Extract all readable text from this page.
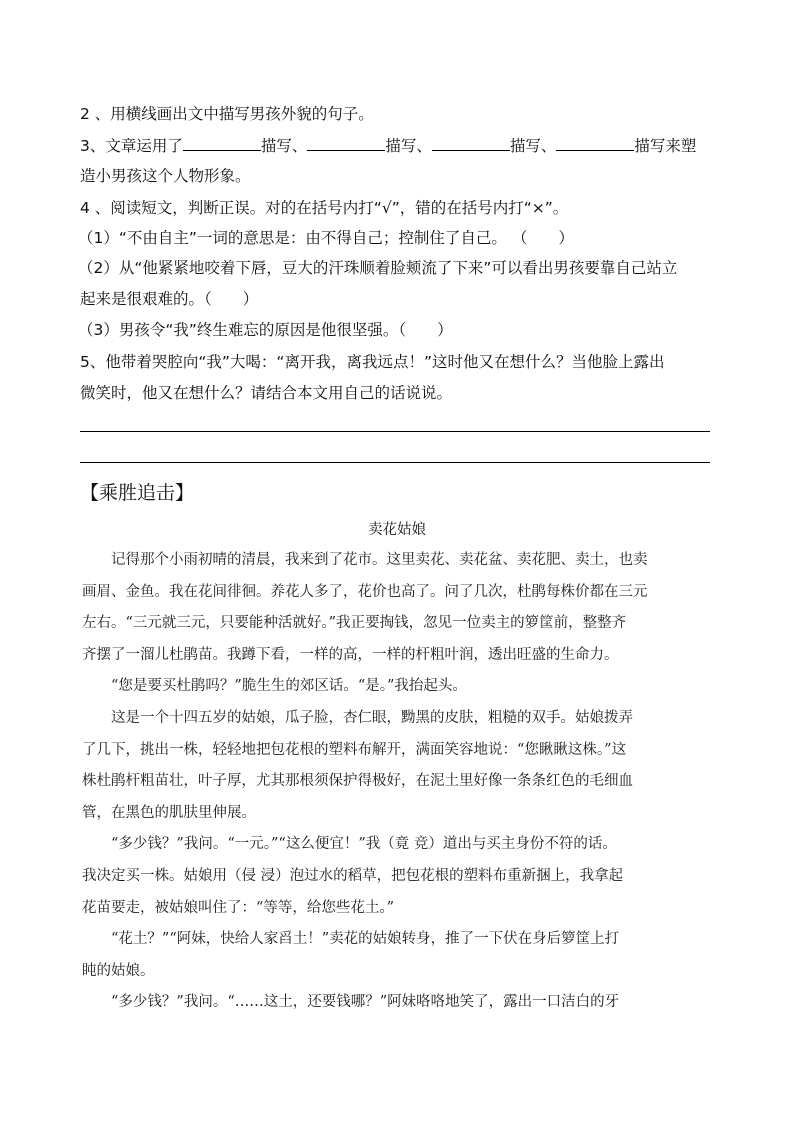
2 、用横线画出文中描写男孩外貌的句子。
3、文章运用了	描写、	描写、	描写、	描写来塑
造小男孩这个人物形象。
4 、阅读短文，判断正误。对的在括号内打“√”，错的在括号内打“×”。
（1）“不由自主”一词的意思是：由不得自己；控制住了自己。 （　　）
（2）从“他紧紧地咬着下唇，豆大的汗珠顺着脸颊流了下来”可以看出男孩要靠自己站立
起来是很艰难的。（　　）
（3）男孩令“我”终生难忘的原因是他很坚强。（　　）
5、他带着哭腔向“我”大喝：“离开我，离我远点！”这时他又在想什么？当他脸上露出
微笑时，他又在想什么？请结合本文用自己的话说说。
【乘胜追击】
卖花姑娘
　　记得那个小雨初晴的清晨，我来到了花市。这里卖花、卖花盆、卖花肥、卖土，也卖
画眉、金鱼。我在花间徘徊。养花人多了，花价也高了。问了几次，杜鹃每株价都在三元
左右。“三元就三元，只要能种活就好。”我正要掏钱，忽见一位卖主的箩筐前，整整齐
齐摆了一溜儿杜鹃苗。我蹲下看，一样的高，一样的杆粗叶润，透出旺盛的生命力。
　　“您是要买杜鹃吗？”脆生生的郊区话。“是。”我抬起头。
　　这是一个十四五岁的姑娘，瓜子脸，杏仁眼，黝黑的皮肤，粗糙的双手。姑娘拨弄
了几下，挑出一株，轻轻地把包花根的塑料布解开，满面笑容地说：“您瞅瞅这株。”这
株杜鹃杆粗苗壮，叶子厚，尤其那根须保护得极好，在泥土里好像一条条红色的毛细血
管，在黑色的肌肤里伸展。
　　“多少钱？”我问。“一元。”“这么便宜！”我（竟 竞）道出与买主身份不符的话。
我决定买一株。姑娘用（侵 浸）泡过水的稻草，把包花根的塑料布重新捆上，我拿起
花苗要走，被姑娘叫住了：“等等，给您些花土。”
　　“花土？”“阿妹，快给人家舀土！”卖花的姑娘转身，推了一下伏在身后箩筐上打
盹的姑娘。
　　“多少钱？”我问。“……这土，还要钱哪？”阿妹咯咯地笑了，露出一口洁白的牙
